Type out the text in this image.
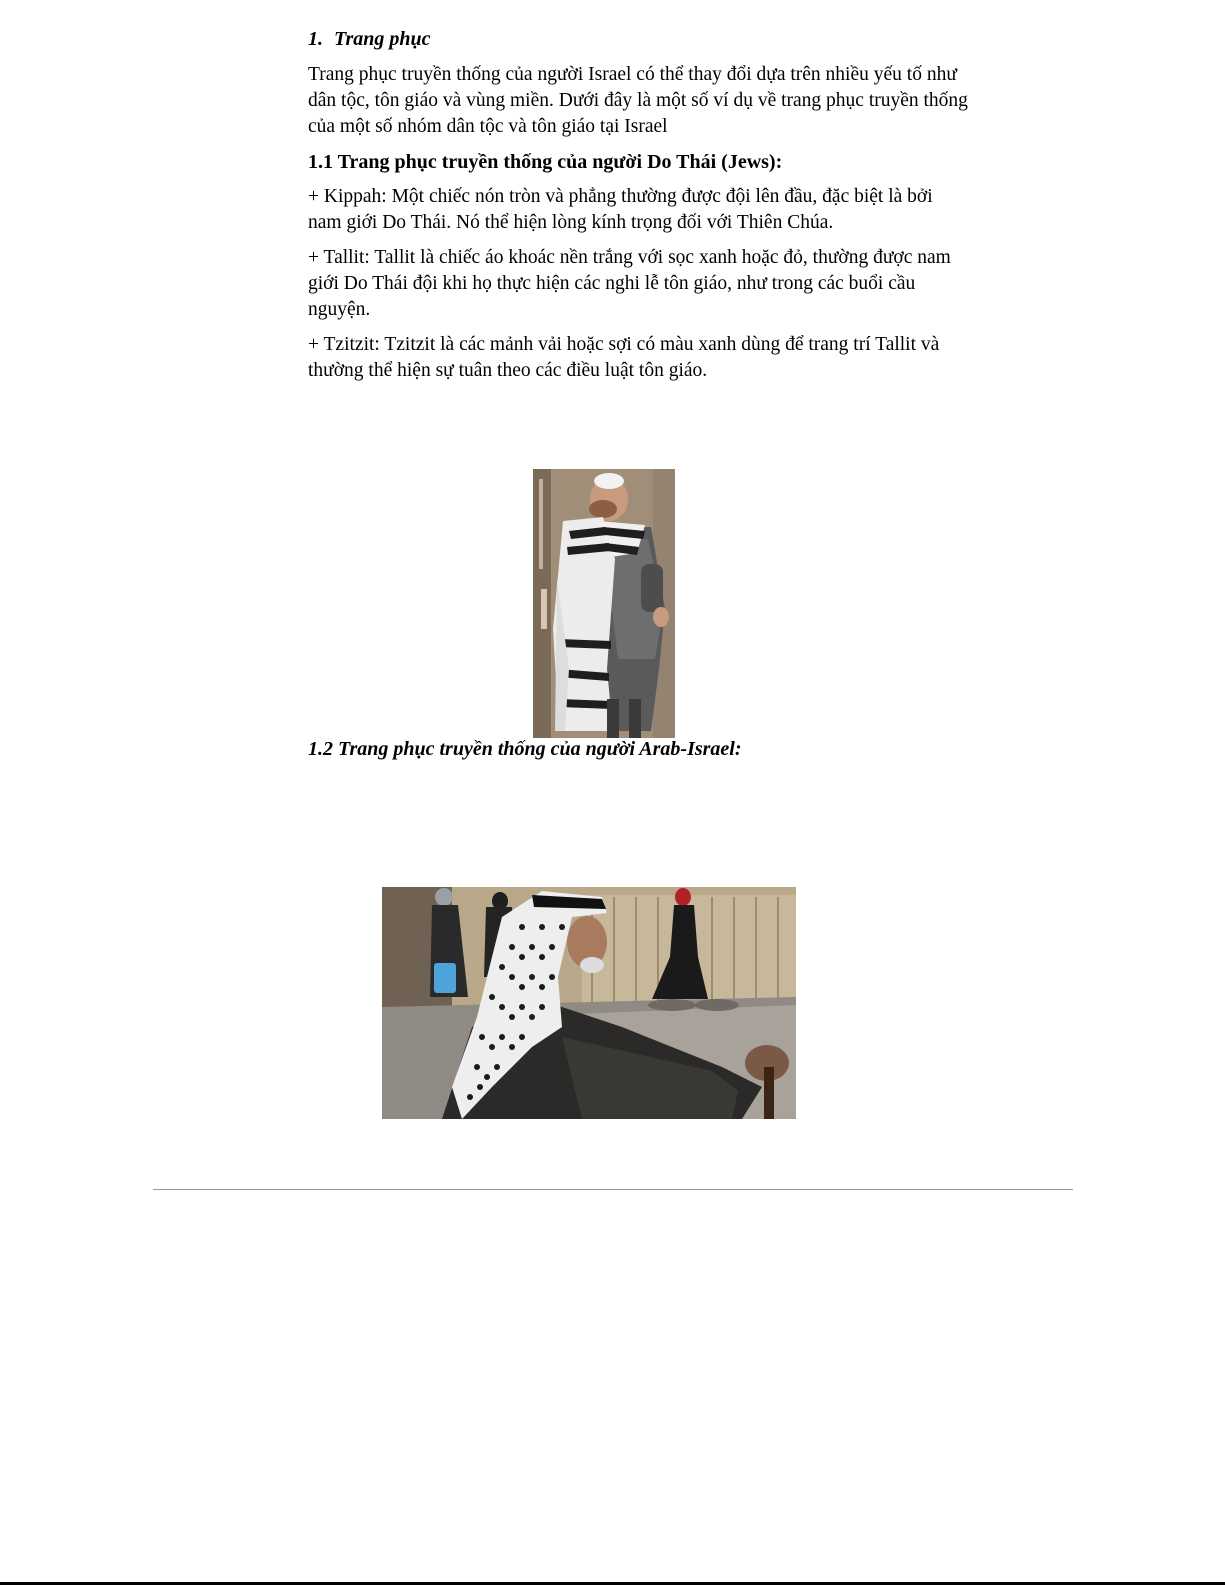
1. Trang phục

Trang phục truyền thống của người Israel có thể thay đổi dựa trên nhiều yếu tố như dân tộc, tôn giáo và vùng miền. Dưới đây là một số ví dụ về trang phục truyền thống của một số nhóm dân tộc và tôn giáo tại Israel

1.1 Trang phục truyền thống của người Do Thái (Jews):

+ Kippah: Một chiếc nón tròn và phẳng thường được đội lên đầu, đặc biệt là bởi nam giới Do Thái. Nó thể hiện lòng kính trọng đối với Thiên Chúa.

+ Tallit: Tallit là chiếc áo khoác nền trắng với sọc xanh hoặc đỏ, thường được nam giới Do Thái đội khi họ thực hiện các nghi lễ tôn giáo, như trong các buổi cầu nguyện.

+ Tzitzit: Tzitzit là các mảnh vải hoặc sợi có màu xanh dùng để trang trí Tallit và thường thể hiện sự tuân theo các điều luật tôn giáo.

1.2 Trang phục truyền thống của người Arab-Israel:
